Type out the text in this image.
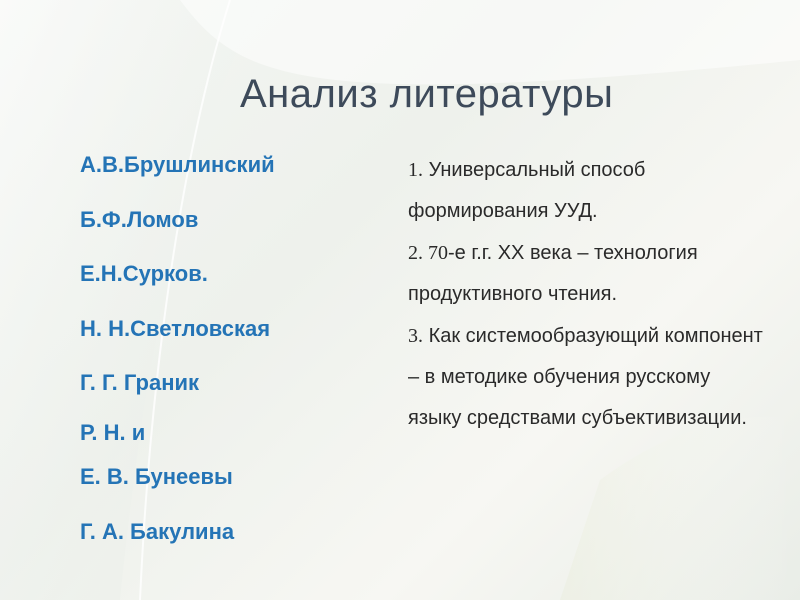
Анализ литературы
А.В.Брушлинский
Б.Ф.Ломов
Е.Н.Сурков.
Н. Н.Светловская
Г. Г. Граник
Р. Н. и
Е. В. Бунеевы
Г. А. Бакулина

1. Универсальный способ формирования УУД.

2. 70-е г.г. XX века – технология продуктивного чтения.

3. Как системообразующий компонент – в методике обучения русскому языку средствами субъективизации.
